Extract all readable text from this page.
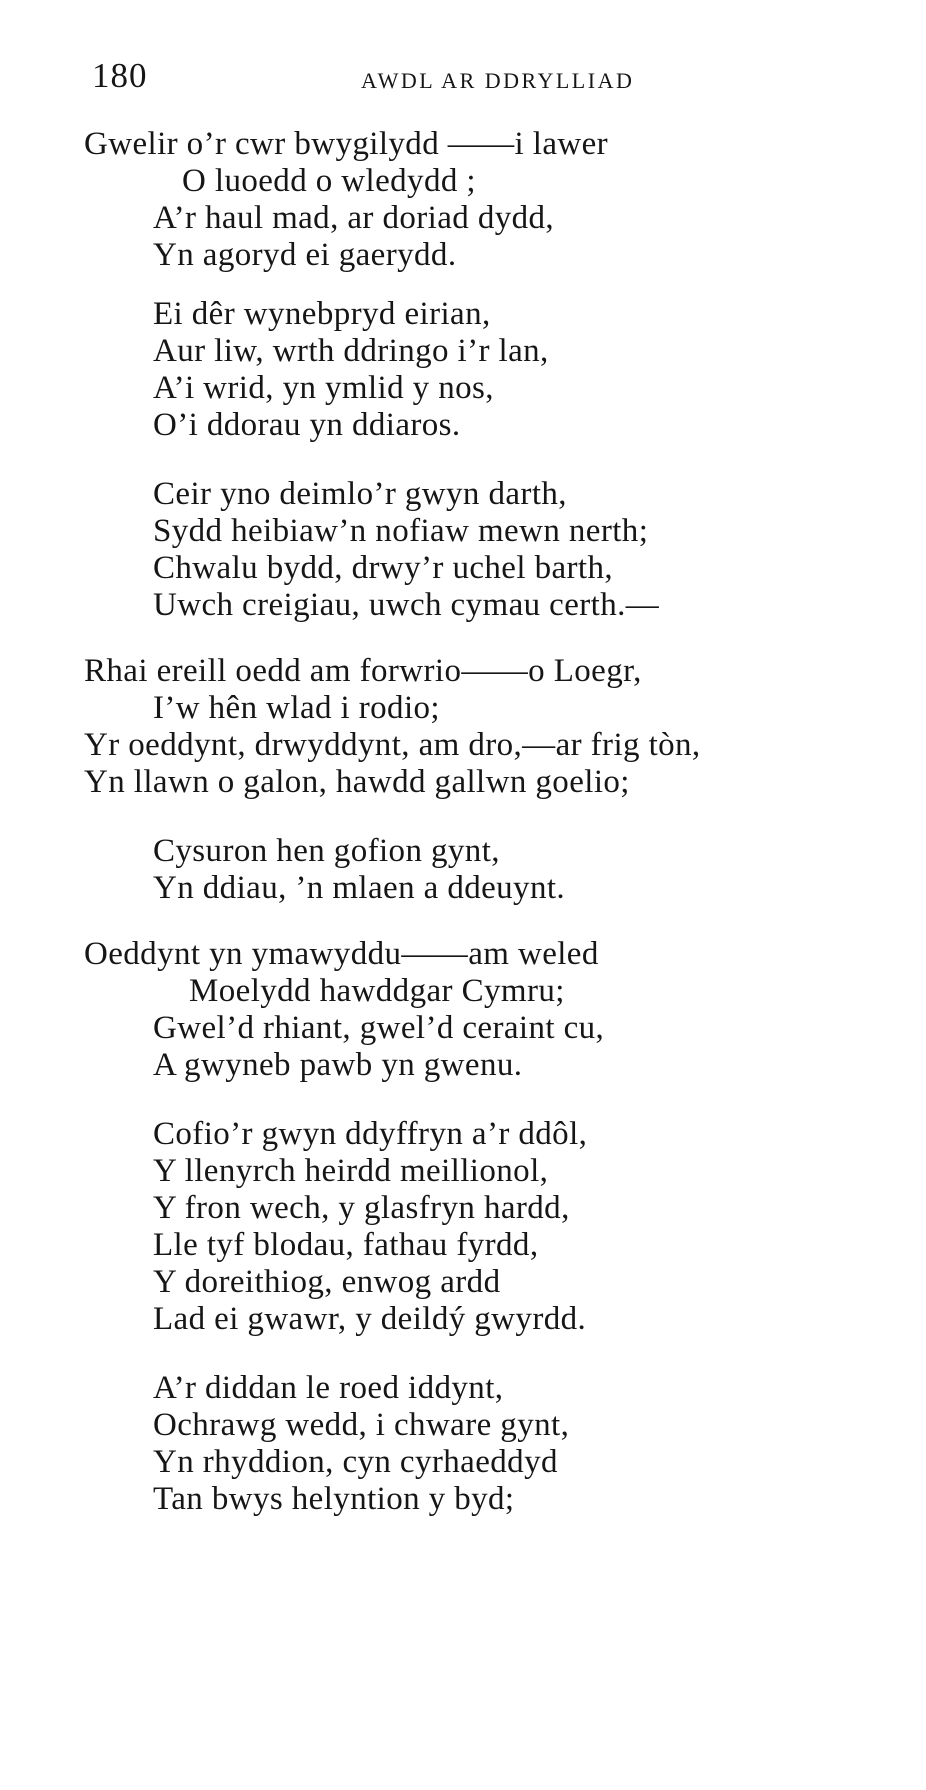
180	AWDL AR DDRYLLIAD
Gwelir o’r cwr bwygilydd ——i lawer
O luoedd o wledydd ;
A’r haul mad, ar doriad dydd,
Yn agoryd ei gaerydd.
Ei dêr wynebpryd eirian,
Aur liw, wrth ddringo i’r lan,
A’i wrid, yn ymlid y nos,
O’i ddorau yn ddiaros.
Ceir yno deimlo’r gwyn darth,
Sydd heibiaw’n nofiaw mewn nerth;
Chwalu bydd, drwy’r uchel barth,
Uwch creigiau, uwch cymau certh.—
Rhai ereill oedd am forwrio——o Loegr,
I’w hên wlad i rodio;
Yr oeddynt, drwyddynt, am dro,—ar frig tòn,
Yn llawn o galon, hawdd gallwn goelio;
Cysuron hen gofion gynt,
Yn ddiau, ’n mlaen a ddeuynt.
Oeddynt yn ymawyddu——am weled
Moelydd hawddgar Cymru;
Gwel’d rhiant, gwel’d ceraint cu,
A gwyneb pawb yn gwenu.
Cofio’r gwyn ddyffryn a’r ddôl,
Y llenyrch heirdd meillionol,
Y fron wech, y glasfryn hardd,
Lle tyf blodau, fathau fyrdd,
Y doreithiog, enwog ardd
Lad ei gwawr, y deildý gwyrdd.
A’r diddan le roed iddynt,
Ochrawg wedd, i chware gynt,
Yn rhyddion, cyn cyrhaeddyd
Tan bwys helyntion y byd;
